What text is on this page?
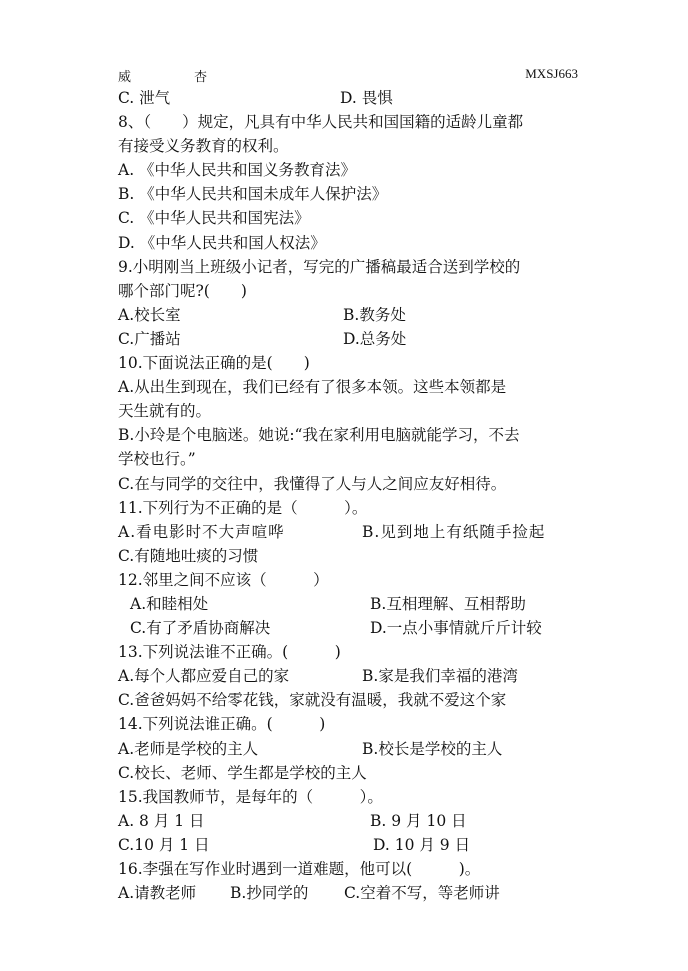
威	杏	MXSJ663
C. 泄气	D. 畏惧
8、（　　）规定，凡具有中华人民共和国国籍的适龄儿童都
有接受义务教育的权利。
A. 《中华人民共和国义务教育法》
B. 《中华人民共和国未成年人保护法》
C. 《中华人民共和国宪法》
D. 《中华人民共和国人权法》
9.小明刚当上班级小记者，写完的广播稿最适合送到学校的
哪个部门呢?(　　)
A.校长室	B.教务处
C.广播站	D.总务处
10.下面说法正确的是(　　)
A.从出生到现在，我们已经有了很多本领。这些本领都是
天生就有的。
B.小玲是个电脑迷。她说:“我在家利用电脑就能学习，不去
学校也行。”
C.在与同学的交往中，我懂得了人与人之间应友好相待。
11.下列行为不正确的是（　　　）。
A.看电影时不大声喧哗	B.见到地上有纸随手捡起
C.有随地吐痰的习惯
12.邻里之间不应该（　　　）
A.和睦相处	B.互相理解、互相帮助
C.有了矛盾协商解决	D.一点小事情就斤斤计较
13.下列说法谁不正确。(　　　)
A.每个人都应爱自己的家	B.家是我们幸福的港湾
C.爸爸妈妈不给零花钱，家就没有温暖，我就不爱这个家
14.下列说法谁正确。(　　　)
A.老师是学校的主人	B.校长是学校的主人
C.校长、老师、学生都是学校的主人
15.我国教师节，是每年的（　　　）。
A. 8 月 1 日	B. 9 月 10 日
C.10 月 1 日	D. 10 月 9 日
16.李强在写作业时遇到一道难题，他可以(　　　)。
A.请教老师	B.抄同学的	C.空着不写，等老师讲
